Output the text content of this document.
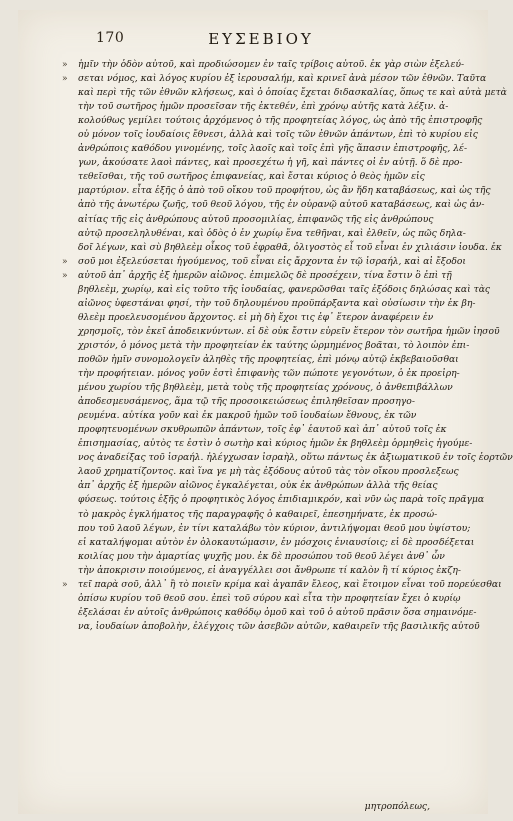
170	ΕΥΣΕΒΙΟΥ
» ἡμῖν τὴν ὁδὸν αὐτοῦ, καὶ προδιώσομεν ἐν ταῖς τρίβοις αὐτοῦ. ἐκ γὰρ σιὼν ἐξελεύ-
» σεται νόμος, καὶ λόγος κυρίου ἐξ ἱερουσαλήμ, καὶ κρινεῖ ἀνὰ μέσον τῶν ἐθνῶν. Ταῦτα
καὶ περὶ τῆς τῶν ἐθνῶν κλήσεως, καὶ ὁ ὁποίας ἔχεται διδασκαλίας, ὅπως τε καὶ αὐτὰ μετὰ
τὴν τοῦ σωτῆρος ἡμῶν προσεῖσαν τῆς ἐκτεθέν, ἐπὶ χρόνῳ αὐτῆς κατὰ λέξιν. ἀ-
κολούθως γεμίλει τούτοις ἀρχόμενος ὁ τῆς προφητείας λόγος, ὡς ἀπὸ τῆς ἐπιστροφῆς
οὐ μόνον τοῖς ἰουδαίοις ἔθνεσι, ἀλλὰ καὶ τοῖς τῶν ἐθνῶν ἁπάντων, ἐπὶ τὸ κυρίου εἰς
ἀνθρώποις καθόδου γινομένης, τοῖς λαοῖς καὶ τοῖς ἐπὶ γῆς ἅπασιν ἐπιστροφῆς, λέ-
γων, ἀκούσατε λαοὶ πάντες, καὶ προσεχέτω ἡ γῆ, καὶ πάντες οἱ ἐν αὐτῇ. ὅ δὲ προ-
τεθεῖσθαι, τῆς τοῦ σωτῆρος ἐπιφανείας, καὶ ἔσται κύριος ὁ θεὸς ἡμῶν εἰς
μαρτύριον. εἶτα ἑξῆς ὁ ἀπὸ τοῦ οἴκου τοῦ προφήτου, ὡς ἂν ἤδη καταβάσεως, καὶ ὡς τῆς
ἀπὸ τῆς ἀνωτέρω ζωῆς, τοῦ θεοῦ λόγου, τῆς ἐν οὐρανῷ αὐτοῦ καταβάσεως, καὶ ὡς ἀν-
αἰτίας τῆς εἰς ἀνθρώπους αὐτοῦ προσομιλίας, ἐπιφανῶς τῆς εἰς ἀνθρώπους
αὐτῷ προσεληλυθέναι, καὶ ὁδὸς ὁ ἐν χωρίῳ ἕνα τεθῆναι, καὶ ἐλθεῖν, ὡς πῶς δηλα-
δοῖ λέγων, καὶ σὺ βηθλεὲμ οἶκος τοῦ ἐφραθᾶ, ὀλιγοστὸς εἶ τοῦ εἶναι ἐν χιλιάσιν ἰουδα. ἐκ
» σοῦ μοι ἐξελεύσεται ἡγούμενος, τοῦ εἶναι εἰς ἄρχοντα ἐν τῷ ἰσραήλ, καὶ αἱ ἔξοδοι
» αὐτοῦ ἀπ᾽ ἀρχῆς ἐξ ἡμερῶν αἰῶνος. ἐπιμελῶς δὲ προσέχειν, τίνα ἔστιν ὃ ἐπὶ τῇ
βηθλεὲμ, χωρίῳ, καὶ εἰς τοῦτο τῆς ἰουδαίας, φανερῶσθαι ταῖς ἐξόδοις δηλώσας καὶ τὰς
αἰῶνος ὑφεστάναι φησί, τὴν τοῦ δηλουμένου προϋπάρξαντα καὶ οὐσίωσιν τὴν ἐκ βη-
θλεὲμ προελευσομένου ἄρχοντος. εἰ μὴ δὴ ἔχοι τις ἐφ᾽ ἕτερον ἀναφέρειν ἐν
χρησμοῖς, τὸν ἐκεῖ ἀποδεικνύντων. εἰ δὲ οὐκ ἔστιν εὑρεῖν ἕτερον τὸν σωτῆρα ἡμῶν ἰησοῦ
χριστόν, ὁ μόνος μετὰ τὴν προφητείαν ἐκ ταύτης ὡρμημένος βοᾶται, τὸ λοιπὸν ἐπι-
ποθῶν ἡμῖν συνομολογεῖν ἀληθὲς τῆς προφητείας, ἐπὶ μόνῳ αὐτῷ ἐκβεβαιοῦσθαι
τὴν προφήτειαν. μόνος γοῦν ἐστὶ ἐπιφανὴς τῶν πώποτε γεγονότων, ὁ ἐκ προεἰρη-
μένου χωρίου τῆς βηθλεὲμ, μετὰ τοὺς τῆς προφητείας χρόνους, ὁ ἀνθεπιβάλλων
ἀποδεσμευσάμενος, ἅμα τῷ τῆς προσοικειώσεως ἐπιληθεῖσαν προσηγο-
ρευμένα. αὐτίκα γοῦν καὶ ἐκ μακροῦ ἡμῶν τοῦ ἰουδαίων ἔθνους, ἐκ τῶν
προφητευομένων σκυθρωπῶν ἁπάντων, τοῖς ἐφ᾽ ἑαυτοῦ καὶ ἀπ᾽ αὐτοῦ τοῖς ἐκ
ἐπισημασίας, αὐτὸς τε ἐστὶν ὁ σωτὴρ καὶ κύριος ἡμῶν ἐκ βηθλεὲμ ὁρμηθεὶς ἡγούμε-
νος ἀναδείξας τοῦ ἰσραήλ. ἠλέγχωσαν ἰσραὴλ, οὕτω πάντως ἐκ ἀξιωματικοῦ ἐν τοῖς ἑορτῶν
λαοῦ χρηματίζοντος. καὶ ἵνα γε μὴ τὰς ἐξόδους αὐτοῦ τὰς τὸν οἴκου προσλεξεως
ἀπ᾽ ἀρχῆς ἐξ ἡμερῶν αἰῶνος ἐγκαλέγεται, οὐκ ἐκ ἀνθρώπων ἀλλὰ τῆς θείας
φύσεως. τούτοις ἑξῆς ὁ προφητικὸς λόγος ἐπιδιαμικρόν, καὶ νῦν ὡς παρὰ τοῖς πρᾶγμα
τὸ μακρὸς ἐγκλήματος τῆς παραγραφῆς ὁ καθαιρεῖ, ἐπεσημήνατε, ἐκ προσώ-
που τοῦ λαοῦ λέγων, ἐν τίνι καταλάβω τὸν κύριον, ἀντιλήψομαι θεοῦ μου ὑψίστου;
εἰ καταλήψομαι αὐτὸν ἐν ὁλοκαυτώμασιν, ἐν μόσχοις ἐνιαυσίοις; εἰ δὲ προσδέξεται
κοιλίας μου τὴν ἀμαρτίας ψυχῆς μου. ἐκ δὲ προσώπου τοῦ θεοῦ λέγει ἀνθ᾽ ὧν
τὴν ἀποκρισιν ποιούμενος, εἰ ἀναγγέλλει σοι ἄνθρωπε τί καλὸν ἢ τί κύριος ἐκζη-
» τεῖ παρὰ σοῦ, ἀλλ᾽ ἢ τὸ ποιεῖν κρίμα καὶ ἀγαπᾶν ἔλεος, καὶ ἕτοιμον εἶναι τοῦ πορεύεσθαι
ὁπίσω κυρίου τοῦ θεοῦ σου. ἐπεὶ τοῦ σύρου καὶ εἶτα τὴν προφητείαν ἔχει ὁ κυρίῳ
ἐξελάσαι ἐν αὐτοῖς ἀνθρώποις καθόδῳ ὁμοῦ καὶ τοῦ ὁ αὐτοῦ πρᾶσιν ὅσα σημαινόμε-
να, ἰουδαίων ἀποβολὴν, ἐλέγχοις τῶν ἀσεβῶν αὐτῶν, καθαιρεῖν τῆς βασιλικῆς αὐτοῦ
μητροπόλεως,
